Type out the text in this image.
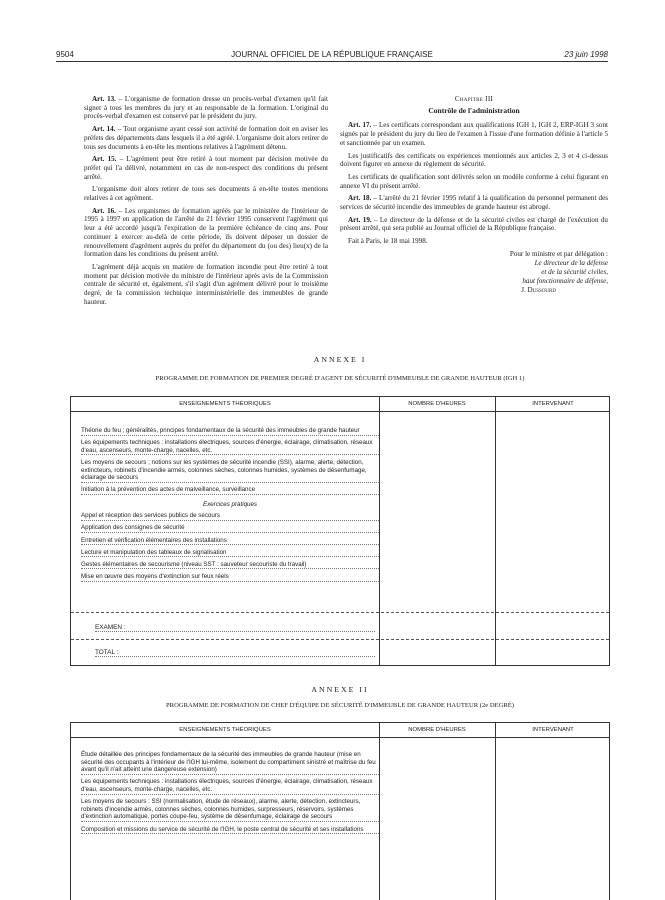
9504	JOURNAL OFFICIEL DE LA RÉPUBLIQUE FRANÇAISE	23 juin 1998

Art. 13. – L'organisme de formation dresse un procès-verbal d'examen qu'il fait signer à tous les membres du jury et au responsable de la formation. L'original du procès-verbal d'examen est conservé par le président du jury.

Art. 14. – Tout organisme ayant cessé son activité de formation doit en aviser les préfets des départements dans lesquels il a été agréé. L'organisme doit alors retirer de tous ses documents à en-tête les mentions relatives à l'agrément détenu.

Art. 15. – L'agrément peut être retiré à tout moment par décision motivée du préfet qui l'a délivré, notamment en cas de non-respect des conditions du présent arrêté.

L'organisme doit alors retirer de tous ses documents à en-tête toutes mentions relatives à cet agrément.

Art. 16. – Les organismes de formation agréés par le ministère de l'intérieur de 1995 à 1997 en application de l'arrêté du 21 février 1995 conservent l'agrément qui leur a été accordé jusqu'à l'expiration de la première échéance de cinq ans. Pour continuer à exercer au-delà de cette période, ils doivent déposer un dossier de renouvellement d'agrément auprès du préfet du département du (ou des) lieu(x) de la formation dans les conditions du présent arrêté.

L'agrément déjà acquis en matière de formation incendie peut être retiré à tout moment par décision motivée du ministre de l'intérieur après avis de la Commission centrale de sécurité et, également, s'il s'agit d'un agrément délivré pour le troisième degré, de la commission technique interministérielle des immeubles de grande hauteur.

Chapitre III
Contrôle de l'administration

Art. 17. – Les certificats correspondant aux qualifications IGH 1, IGH 2, ERP-IGH 3 sont signés par le président du jury du lieu de l'examen à l'issue d'une formation définie à l'article 5 et sanctionnée par un examen.

Les justificatifs des certificats ou expériences mentionnés aux articles 2, 3 et 4 ci-dessus doivent figurer en annexe du règlement de sécurité.

Les certificats de qualification sont délivrés selon un modèle conforme à celui figurant en annexe VI du présent arrêté.

Art. 18. – L'arrêté du 21 février 1995 relatif à la qualification du personnel permanent des services de sécurité incendie des immeubles de grande hauteur est abrogé.

Art. 19. – Le directeur de la défense et de la sécurité civiles est chargé de l'exécution du présent arrêté, qui sera publié au Journal officiel de la République française.

Fait à Paris, le 18 mai 1998.

Pour le ministre et par délégation :
Le directeur de la défense
et de la sécurité civiles,
haut fonctionnaire de défense,
J. Dussourd
ANNEXE I
PROGRAMME DE FORMATION DE PREMIER DEGRÉ D'AGENT DE SÉCURITÉ D'IMMEUBLE DE GRANDE HAUTEUR (IGH 1)
ENSEIGNEMENTS THÉORIQUES	NOMBRE D'HEURES	INTERVENANT
Théorie du feu ; généralités, principes fondamentaux de la sécurité des immeubles de grande hauteur
Les équipements techniques : installations électriques, sources d'énergie, éclairage, climatisation, réseaux d'eau, ascenseurs, monte-charge, nacelles, etc.
Les moyens de secours ; notions sur les systèmes de sécurité incendie (SSI), alarme, alerte, détection, extincteurs, robinets d'incendie armés, colonnes sèches, colonnes humides, systèmes de désenfumage, éclairage de secours
Initiation à la prévention des actes de malveillance, surveillance
Exercices pratiques
Appel et réception des services publics de secours
Application des consignes de sécurité
Entretien et vérification élémentaires des installations
Lecture et manipulation des tableaux de signalisation
Gestes élémentaires de secourisme (niveau SST : sauveteur secouriste du travail)
Mise en œuvre des moyens d'extinction sur feux réels
EXAMEN :
TOTAL :
ANNEXE II
PROGRAMME DE FORMATION DE CHEF D'ÉQUIPE DE SÉCURITÉ D'IMMEUBLE DE GRANDE HAUTEUR (2e DEGRÉ)
ENSEIGNEMENTS THÉORIQUES	NOMBRE D'HEURES	INTERVENANT
Étude détaillée des principes fondamentaux de la sécurité des immeubles de grande hauteur (mise en sécurité des occupants à l'intérieur de l'IGH lui-même, isolement du compartiment sinistré et maîtrise du feu avant qu'il n'ait atteint une dangereuse extension)
Les équipements techniques : installations électriques, sources d'énergie, éclairage, climatisation, réseaux d'eau, ascenseurs, monte-charge, nacelles, etc.
Les moyens de secours : SSI (normalisation, étude de réseaux), alarme, alerte, détection, extincteurs, robinets d'incendie armés, colonnes sèches, colonnes humides, surpresseurs, réservoirs, systèmes d'extinction automatique, portes coupe-feu, système de désenfumage, éclairage de secours
Composition et missions du service de sécurité de l'IGH, le poste central de sécurité et ses installations
